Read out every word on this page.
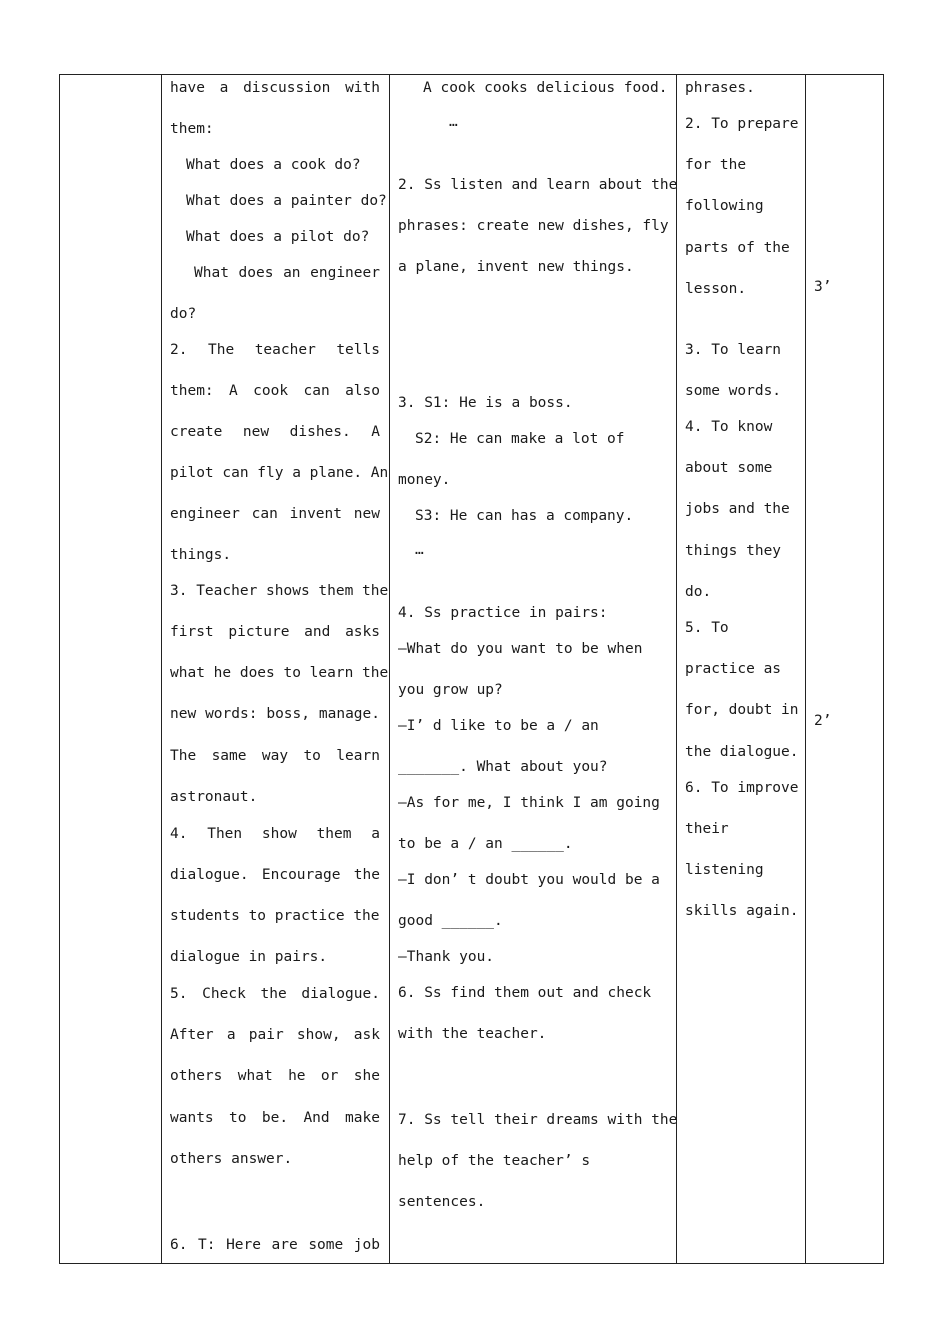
have a discussion with
them:
What does a cook do?
What does a painter do?
What does a pilot do?
What does an engineer
do?
2. The teacher tells
them: A cook can also
create new dishes. A
pilot can fly a plane. An
engineer can invent new
things.
3. Teacher shows them the
first picture and asks
what he does to learn the
new words: boss, manage.
The same way to learn
astronaut.
4. Then show them a
dialogue. Encourage the
students to practice the
dialogue in pairs.
5. Check the dialogue.
After a pair show, ask
others what he or she
wants to be. And make
others answer.
6. T: Here are some job
A cook cooks delicious food.
…
2. Ss listen and learn about the
phrases: create new dishes, fly
a plane, invent new things.
3. S1: He is a boss.
S2: He can make a lot of
money.
S3: He can has a company.
…
4. Ss practice in pairs:
—What do you want to be when
you grow up?
—I’ d like to be a / an
_______. What about you?
—As for me, I think I am going
to be a / an ______.
—I don’ t doubt you would be a
good ______.
—Thank you.
6. Ss find them out and check
with the teacher.
7. Ss tell their dreams with the
help of the teacher’ s
sentences.
phrases.
2. To prepare
for the
following
parts of the
lesson.
3. To learn
some words.
4. To know
about some
jobs and the
things they
do.
5. To
practice as
for, doubt in
the dialogue.
6. To improve
their
listening
skills again.
3’
2’
